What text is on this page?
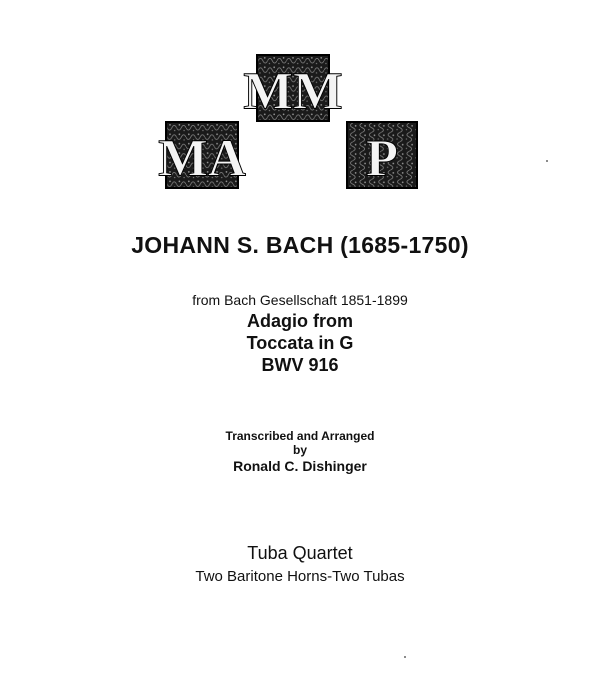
MM
MA P
JOHANN S. BACH (1685-1750)
from Bach Gesellschaft 1851-1899
Adagio from
Toccata in G
BWV 916
Transcribed and Arranged
by
Ronald C. Dishinger
Tuba Quartet
Two Baritone Horns-Two Tubas
